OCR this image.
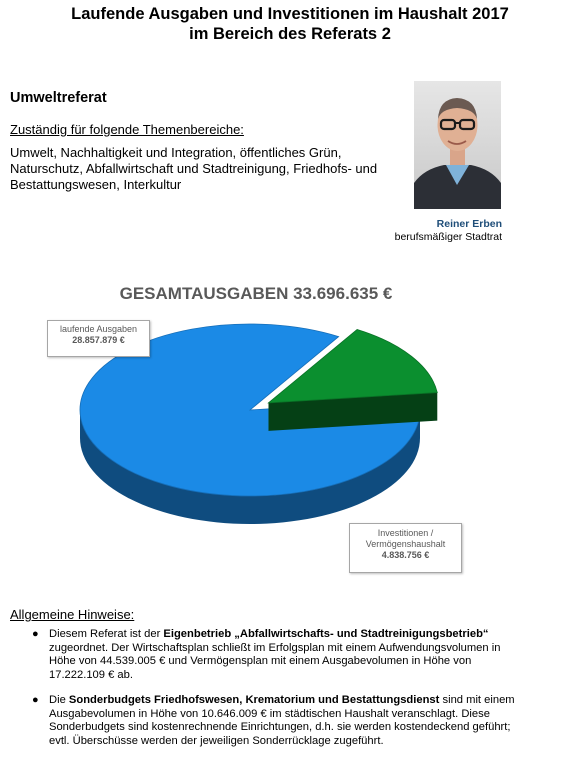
Laufende Ausgaben und Investitionen im Haushalt 2017
im Bereich des Referats 2
Umweltreferat
Zuständig für folgende Themenbereiche:
Umwelt, Nachhaltigkeit und Integration, öffentliches Grün, Naturschutz, Abfallwirtschaft und Stadtreinigung, Friedhofs- und Bestattungswesen, Interkultur
Reiner Erben
berufsmäßiger Stadtrat
GESAMTAUSGABEN 33.696.635 €
laufende Ausgaben
28.857.879 €
Investitionen / Vermögenshaushalt
4.838.756 €
Allgemeine Hinweise:
● Diesem Referat ist der Eigenbetrieb „Abfallwirtschafts- und Stadtreinigungsbetrieb“ zugeordnet. Der Wirtschaftsplan schließt im Erfolgsplan mit einem Aufwendungsvolumen in Höhe von 44.539.005 € und Vermögensplan mit einem Ausgabevolumen in Höhe von 17.222.109 € ab.
● Die Sonderbudgets Friedhofswesen, Krematorium und Bestattungsdienst sind mit einem Ausgabevolumen in Höhe von 10.646.009 € im städtischen Haushalt veranschlagt. Diese Sonderbudgets sind kostenrechnende Einrichtungen, d.h. sie werden kostendeckend geführt; evtl. Überschüsse werden der jeweiligen Sonderrücklage zugeführt.
